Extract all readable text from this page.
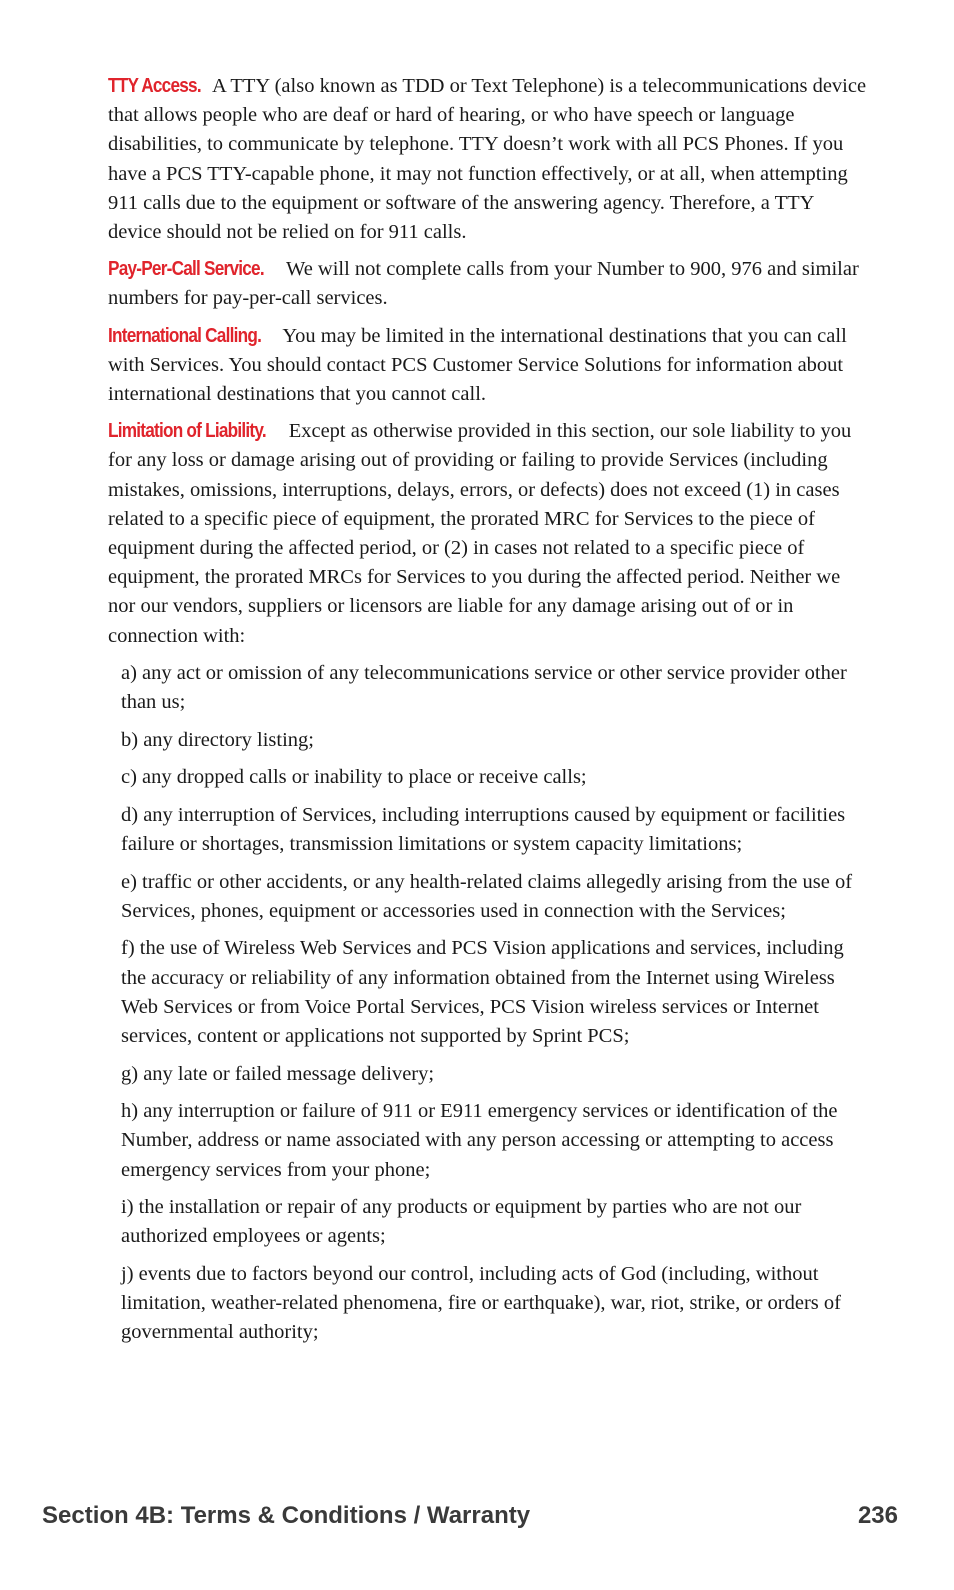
TTY Access. A TTY (also known as TDD or Text Telephone) is a telecommunications device that allows people who are deaf or hard of hearing, or who have speech or language disabilities, to communicate by telephone. TTY doesn’t work with all PCS Phones. If you have a PCS TTY-capable phone, it may not function effectively, or at all, when attempting 911 calls due to the equipment or software of the answering agency. Therefore, a TTY device should not be relied on for 911 calls.

Pay-Per-Call Service. We will not complete calls from your Number to 900, 976 and similar numbers for pay-per-call services.

International Calling. You may be limited in the international destinations that you can call with Services. You should contact PCS Customer Service Solutions for information about international destinations that you cannot call.

Limitation of Liability. Except as otherwise provided in this section, our sole liability to you for any loss or damage arising out of providing or failing to provide Services (including mistakes, omissions, interruptions, delays, errors, or defects) does not exceed (1) in cases related to a specific piece of equipment, the prorated MRC for Services to the piece of equipment during the affected period, or (2) in cases not related to a specific piece of equipment, the prorated MRCs for Services to you during the affected period. Neither we nor our vendors, suppliers or licensors are liable for any damage arising out of or in connection with:

a) any act or omission of any telecommunications service or other service provider other than us;

b) any directory listing;

c) any dropped calls or inability to place or receive calls;

d) any interruption of Services, including interruptions caused by equipment or facilities failure or shortages, transmission limitations or system capacity limitations;

e) traffic or other accidents, or any health-related claims allegedly arising from the use of Services, phones, equipment or accessories used in connection with the Services;

f) the use of Wireless Web Services and PCS Vision applications and services, including the accuracy or reliability of any information obtained from the Internet using Wireless Web Services or from Voice Portal Services, PCS Vision wireless services or Internet services, content or applications not supported by Sprint PCS;

g) any late or failed message delivery;

h) any interruption or failure of 911 or E911 emergency services or identification of the Number, address or name associated with any person accessing or attempting to access emergency services from your phone;

i) the installation or repair of any products or equipment by parties who are not our authorized employees or agents;

j) events due to factors beyond our control, including acts of God (including, without limitation, weather-related phenomena, fire or earthquake), war, riot, strike, or orders of governmental authority;

Section 4B: Terms & Conditions / Warranty	236
